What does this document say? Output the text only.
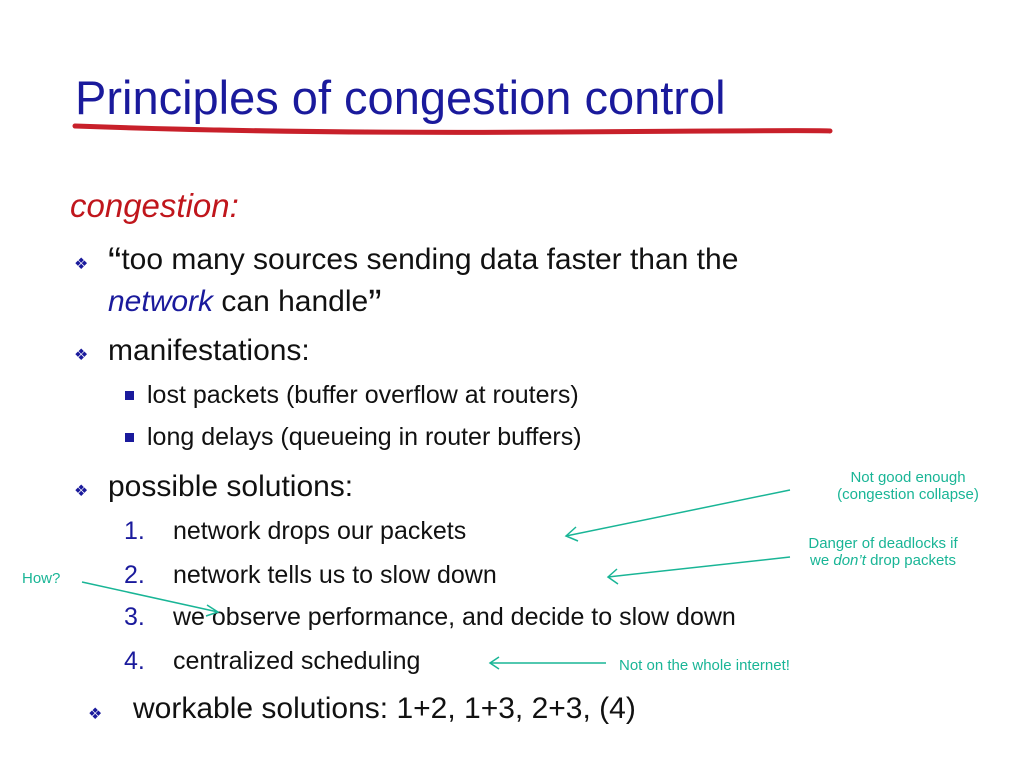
Principles of congestion control
congestion:
❖ “too many sources sending data faster than the
network can handle”
❖ manifestations:
lost packets (buffer overflow at routers)
long delays (queueing in router buffers)
❖ possible solutions:
1. network drops our packets
2. network tells us to slow down
3. we observe performance, and decide to slow down
4. centralized scheduling
❖ workable solutions: 1+2, 1+3, 2+3, (4)
Not good enough
(congestion collapse)
Danger of deadlocks if
we don’t drop packets
Not on the whole internet!
How?
